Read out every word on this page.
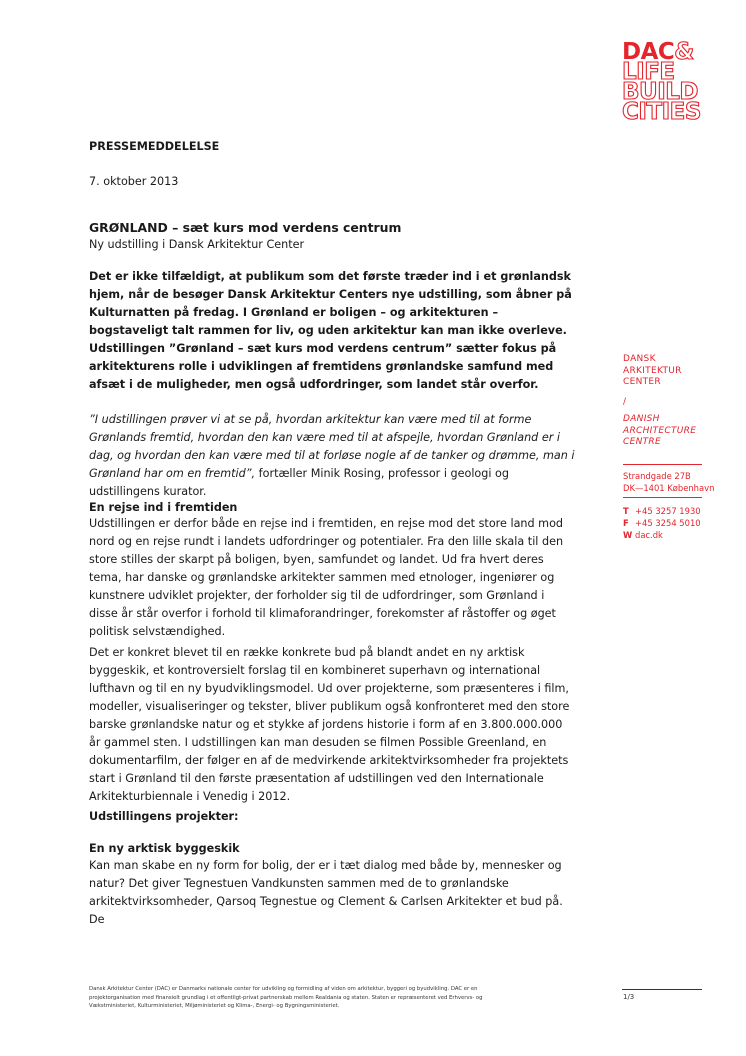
DAC&
LIFE
BUILD
CITIES
PRESSEMEDDELELSE
7. oktober 2013
GRØNLAND – sæt kurs mod verdens centrum
Ny udstilling i Dansk Arkitektur Center

Det er ikke tilfældigt, at publikum som det første træder ind i et grønlandsk hjem, når de besøger Dansk Arkitektur Centers nye udstilling, som åbner på Kulturnatten på fredag. I Grønland er boligen – og arkitekturen – bogstaveligt talt rammen for liv, og uden arkitektur kan man ikke overleve. Udstillingen ”Grønland – sæt kurs mod verdens centrum” sætter fokus på arkitekturens rolle i udviklingen af fremtidens grønlandske samfund med afsæt i de muligheder, men også udfordringer, som landet står overfor.

”I udstillingen prøver vi at se på, hvordan arkitektur kan være med til at forme Grønlands fremtid, hvordan den kan være med til at afspejle, hvordan Grønland er i dag, og hvordan den kan være med til at forløse nogle af de tanker og drømme, man i Grønland har om en fremtid”, fortæller Minik Rosing, professor i geologi og udstillingens kurator.

En rejse ind i fremtiden

Udstillingen er derfor både en rejse ind i fremtiden, en rejse mod det store land mod nord og en rejse rundt i landets udfordringer og potentialer. Fra den lille skala til den store stilles der skarpt på boligen, byen, samfundet og landet. Ud fra hvert deres tema, har danske og grønlandske arkitekter sammen med etnologer, ingeniører og kunstnere udviklet projekter, der forholder sig til de udfordringer, som Grønland i disse år står overfor i forhold til klimaforandringer, forekomster af råstoffer og øget politisk selvstændighed.

Det er konkret blevet til en række konkrete bud på blandt andet en ny arktisk byggeskik, et kontroversielt forslag til en kombineret superhavn og international lufthavn og til en ny byudviklingsmodel. Ud over projekterne, som præsenteres i film, modeller, visualiseringer og tekster, bliver publikum også konfronteret med den store barske grønlandske natur og et stykke af jordens historie i form af en 3.800.000.000 år gammel sten. I udstillingen kan man desuden se filmen Possible Greenland, en dokumentarfilm, der følger en af de medvirkende arkitektvirksomheder fra projektets start i Grønland til den første præsentation af udstillingen ved den Internationale Arkitekturbiennale i Venedig i 2012.

Udstillingens projekter:
En ny arktisk byggeskik

Kan man skabe en ny form for bolig, der er i tæt dialog med både by, mennesker og natur? Det giver Tegnestuen Vandkunsten sammen med de to grønlandske arkitektvirksomheder, Qarsoq Tegnestue og Clement & Carlsen Arkitekter et bud på. De

DANSK
ARKITEKTUR
CENTER
/
DANISH
ARCHITECTURE
CENTRE
Strandgade 27B
DK—1401 København
T +45 3257 1930
F +45 3254 5010
W dac.dk
Dansk Arkitektur Center (DAC) er Danmarks nationale center for udvikling og formidling af viden om arkitektur, byggeri og byudvikling. DAC er en projektorganisation med finansielt grundlag i et offentligt-privat partnerskab mellem Realdania og staten. Staten er repræsenteret ved Erhvervs- og Vækstministeriet, Kulturministeriet, Miljøministeriet og Klima-, Energi- og Bygningsministeriet.
1/3
